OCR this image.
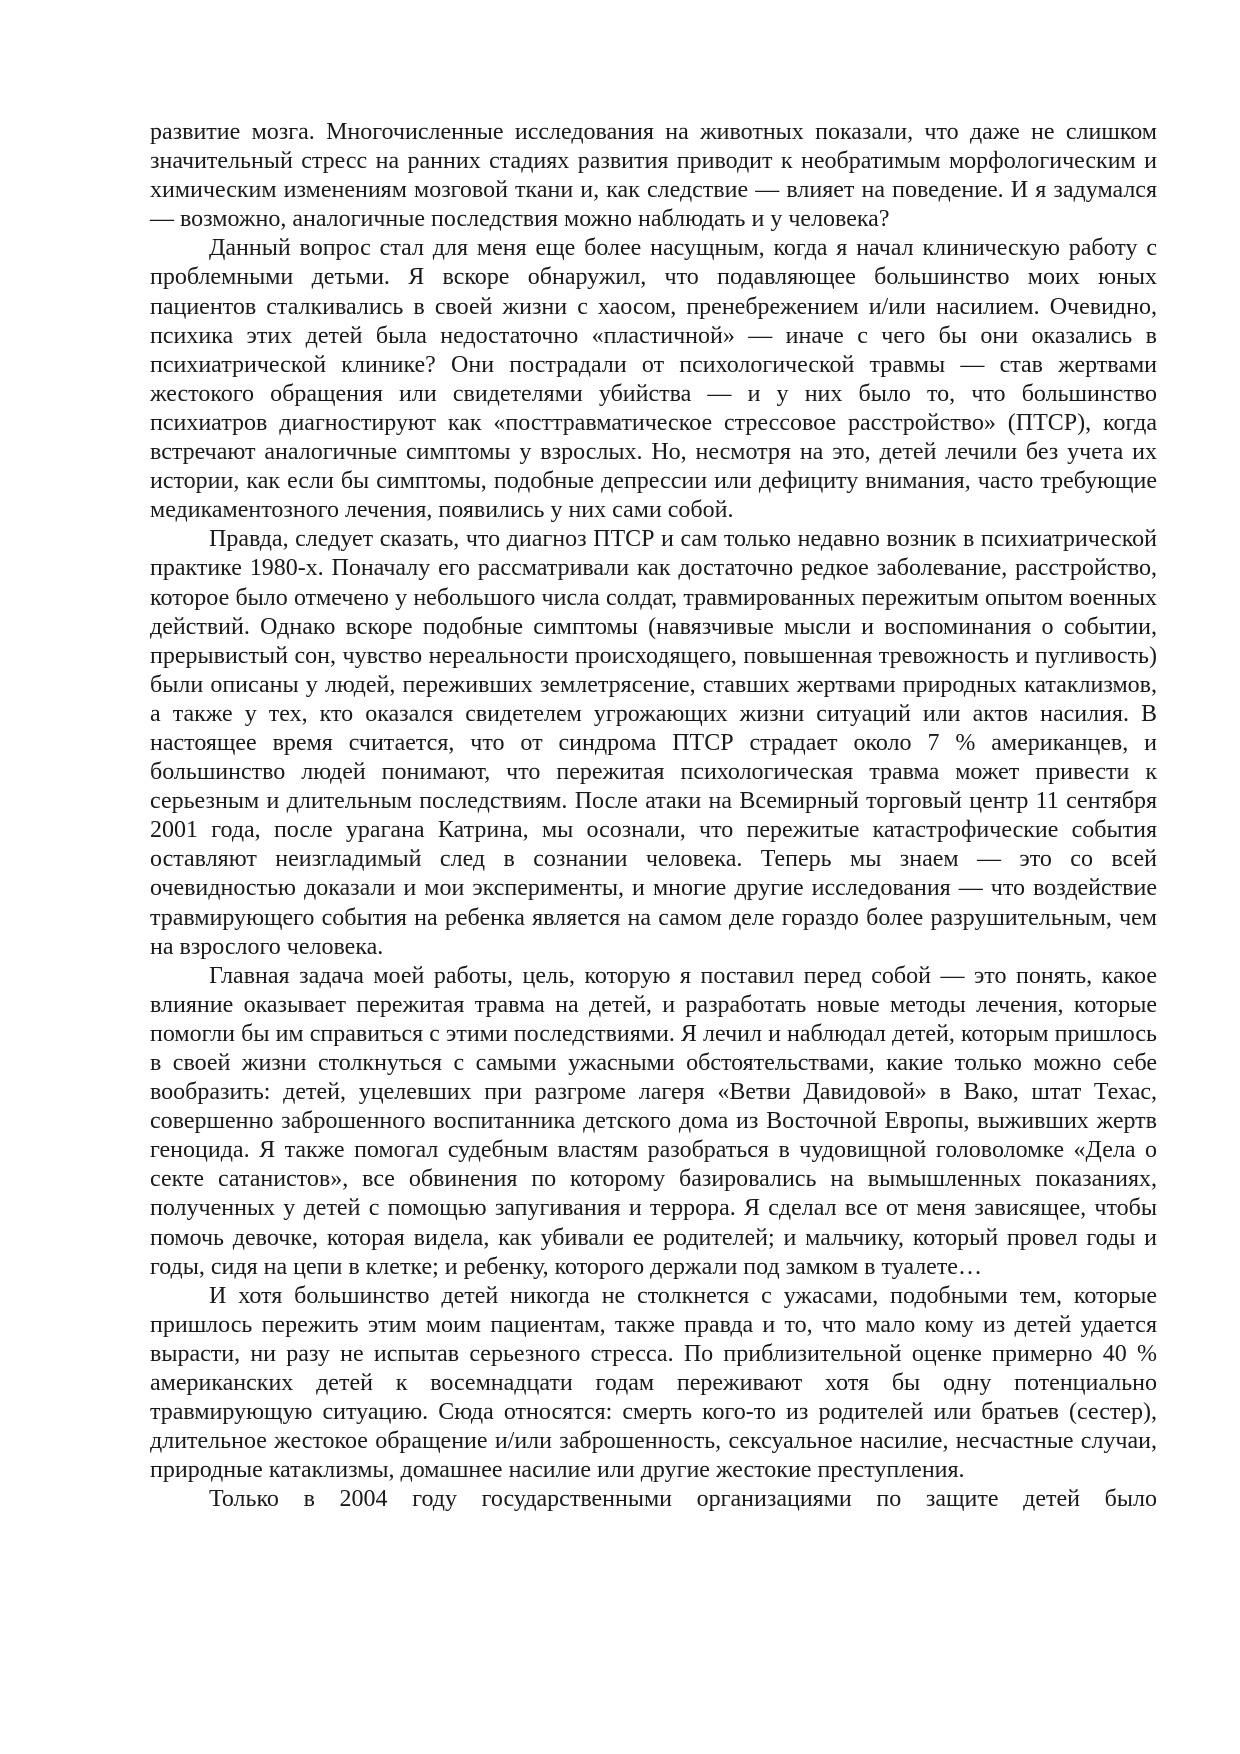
развитие мозга. Многочисленные исследования на животных показали, что даже не слишком значительный стресс на ранних стадиях развития приводит к необратимым морфологическим и химическим изменениям мозговой ткани и, как следствие — влияет на поведение. И я задумался — возможно, аналогичные последствия можно наблюдать и у человека?

Данный вопрос стал для меня еще более насущным, когда я начал клиническую работу с проблемными детьми. Я вскоре обнаружил, что подавляющее большинство моих юных пациентов сталкивались в своей жизни с хаосом, пренебрежением и/или насилием. Очевидно, психика этих детей была недостаточно «пластичной» — иначе с чего бы они оказались в психиатрической клинике? Они пострадали от психологической травмы — став жертвами жестокого обращения или свидетелями убийства — и у них было то, что большинство психиатров диагностируют как «посттравматическое стрессовое расстройство» (ПТСР), когда встречают аналогичные симптомы у взрослых. Но, несмотря на это, детей лечили без учета их истории, как если бы симптомы, подобные депрессии или дефициту внимания, часто требующие медикаментозного лечения, появились у них сами собой.

Правда, следует сказать, что диагноз ПТСР и сам только недавно возник в психиатрической практике 1980-х. Поначалу его рассматривали как достаточно редкое заболевание, расстройство, которое было отмечено у небольшого числа солдат, травмированных пережитым опытом военных действий. Однако вскоре подобные симптомы (навязчивые мысли и воспоминания о событии, прерывистый сон, чувство нереальности происходящего, повышенная тревожность и пугливость) были описаны у людей, переживших землетрясение, ставших жертвами природных катаклизмов, а также у тех, кто оказался свидетелем угрожающих жизни ситуаций или актов насилия. В настоящее время считается, что от синдрома ПТСР страдает около 7 % американцев, и большинство людей понимают, что пережитая психологическая травма может привести к серьезным и длительным последствиям. После атаки на Всемирный торговый центр 11 сентября 2001 года, после урагана Катрина, мы осознали, что пережитые катастрофические события оставляют неизгладимый след в сознании человека. Теперь мы знаем — это со всей очевидностью доказали и мои эксперименты, и многие другие исследования — что воздействие травмирующего события на ребенка является на самом деле гораздо более разрушительным, чем на взрослого человека.

Главная задача моей работы, цель, которую я поставил перед собой — это понять, какое влияние оказывает пережитая травма на детей, и разработать новые методы лечения, которые помогли бы им справиться с этими последствиями. Я лечил и наблюдал детей, которым пришлось в своей жизни столкнуться с самыми ужасными обстоятельствами, какие только можно себе вообразить: детей, уцелевших при разгроме лагеря «Ветви Давидовой» в Вако, штат Техас, совершенно заброшенного воспитанника детского дома из Восточной Европы, выживших жертв геноцида. Я также помогал судебным властям разобраться в чудовищной головоломке «Дела о секте сатанистов», все обвинения по которому базировались на вымышленных показаниях, полученных у детей с помощью запугивания и террора. Я сделал все от меня зависящее, чтобы помочь девочке, которая видела, как убивали ее родителей; и мальчику, который провел годы и годы, сидя на цепи в клетке; и ребенку, которого держали под замком в туалете…

И хотя большинство детей никогда не столкнется с ужасами, подобными тем, которые пришлось пережить этим моим пациентам, также правда и то, что мало кому из детей удается вырасти, ни разу не испытав серьезного стресса. По приблизительной оценке примерно 40 % американских детей к восемнадцати годам переживают хотя бы одну потенциально травмирующую ситуацию. Сюда относятся: смерть кого-то из родителей или братьев (сестер), длительное жестокое обращение и/или заброшенность, сексуальное насилие, несчастные случаи, природные катаклизмы, домашнее насилие или другие жестокие преступления.

Только в 2004 году государственными организациями по защите детей было
